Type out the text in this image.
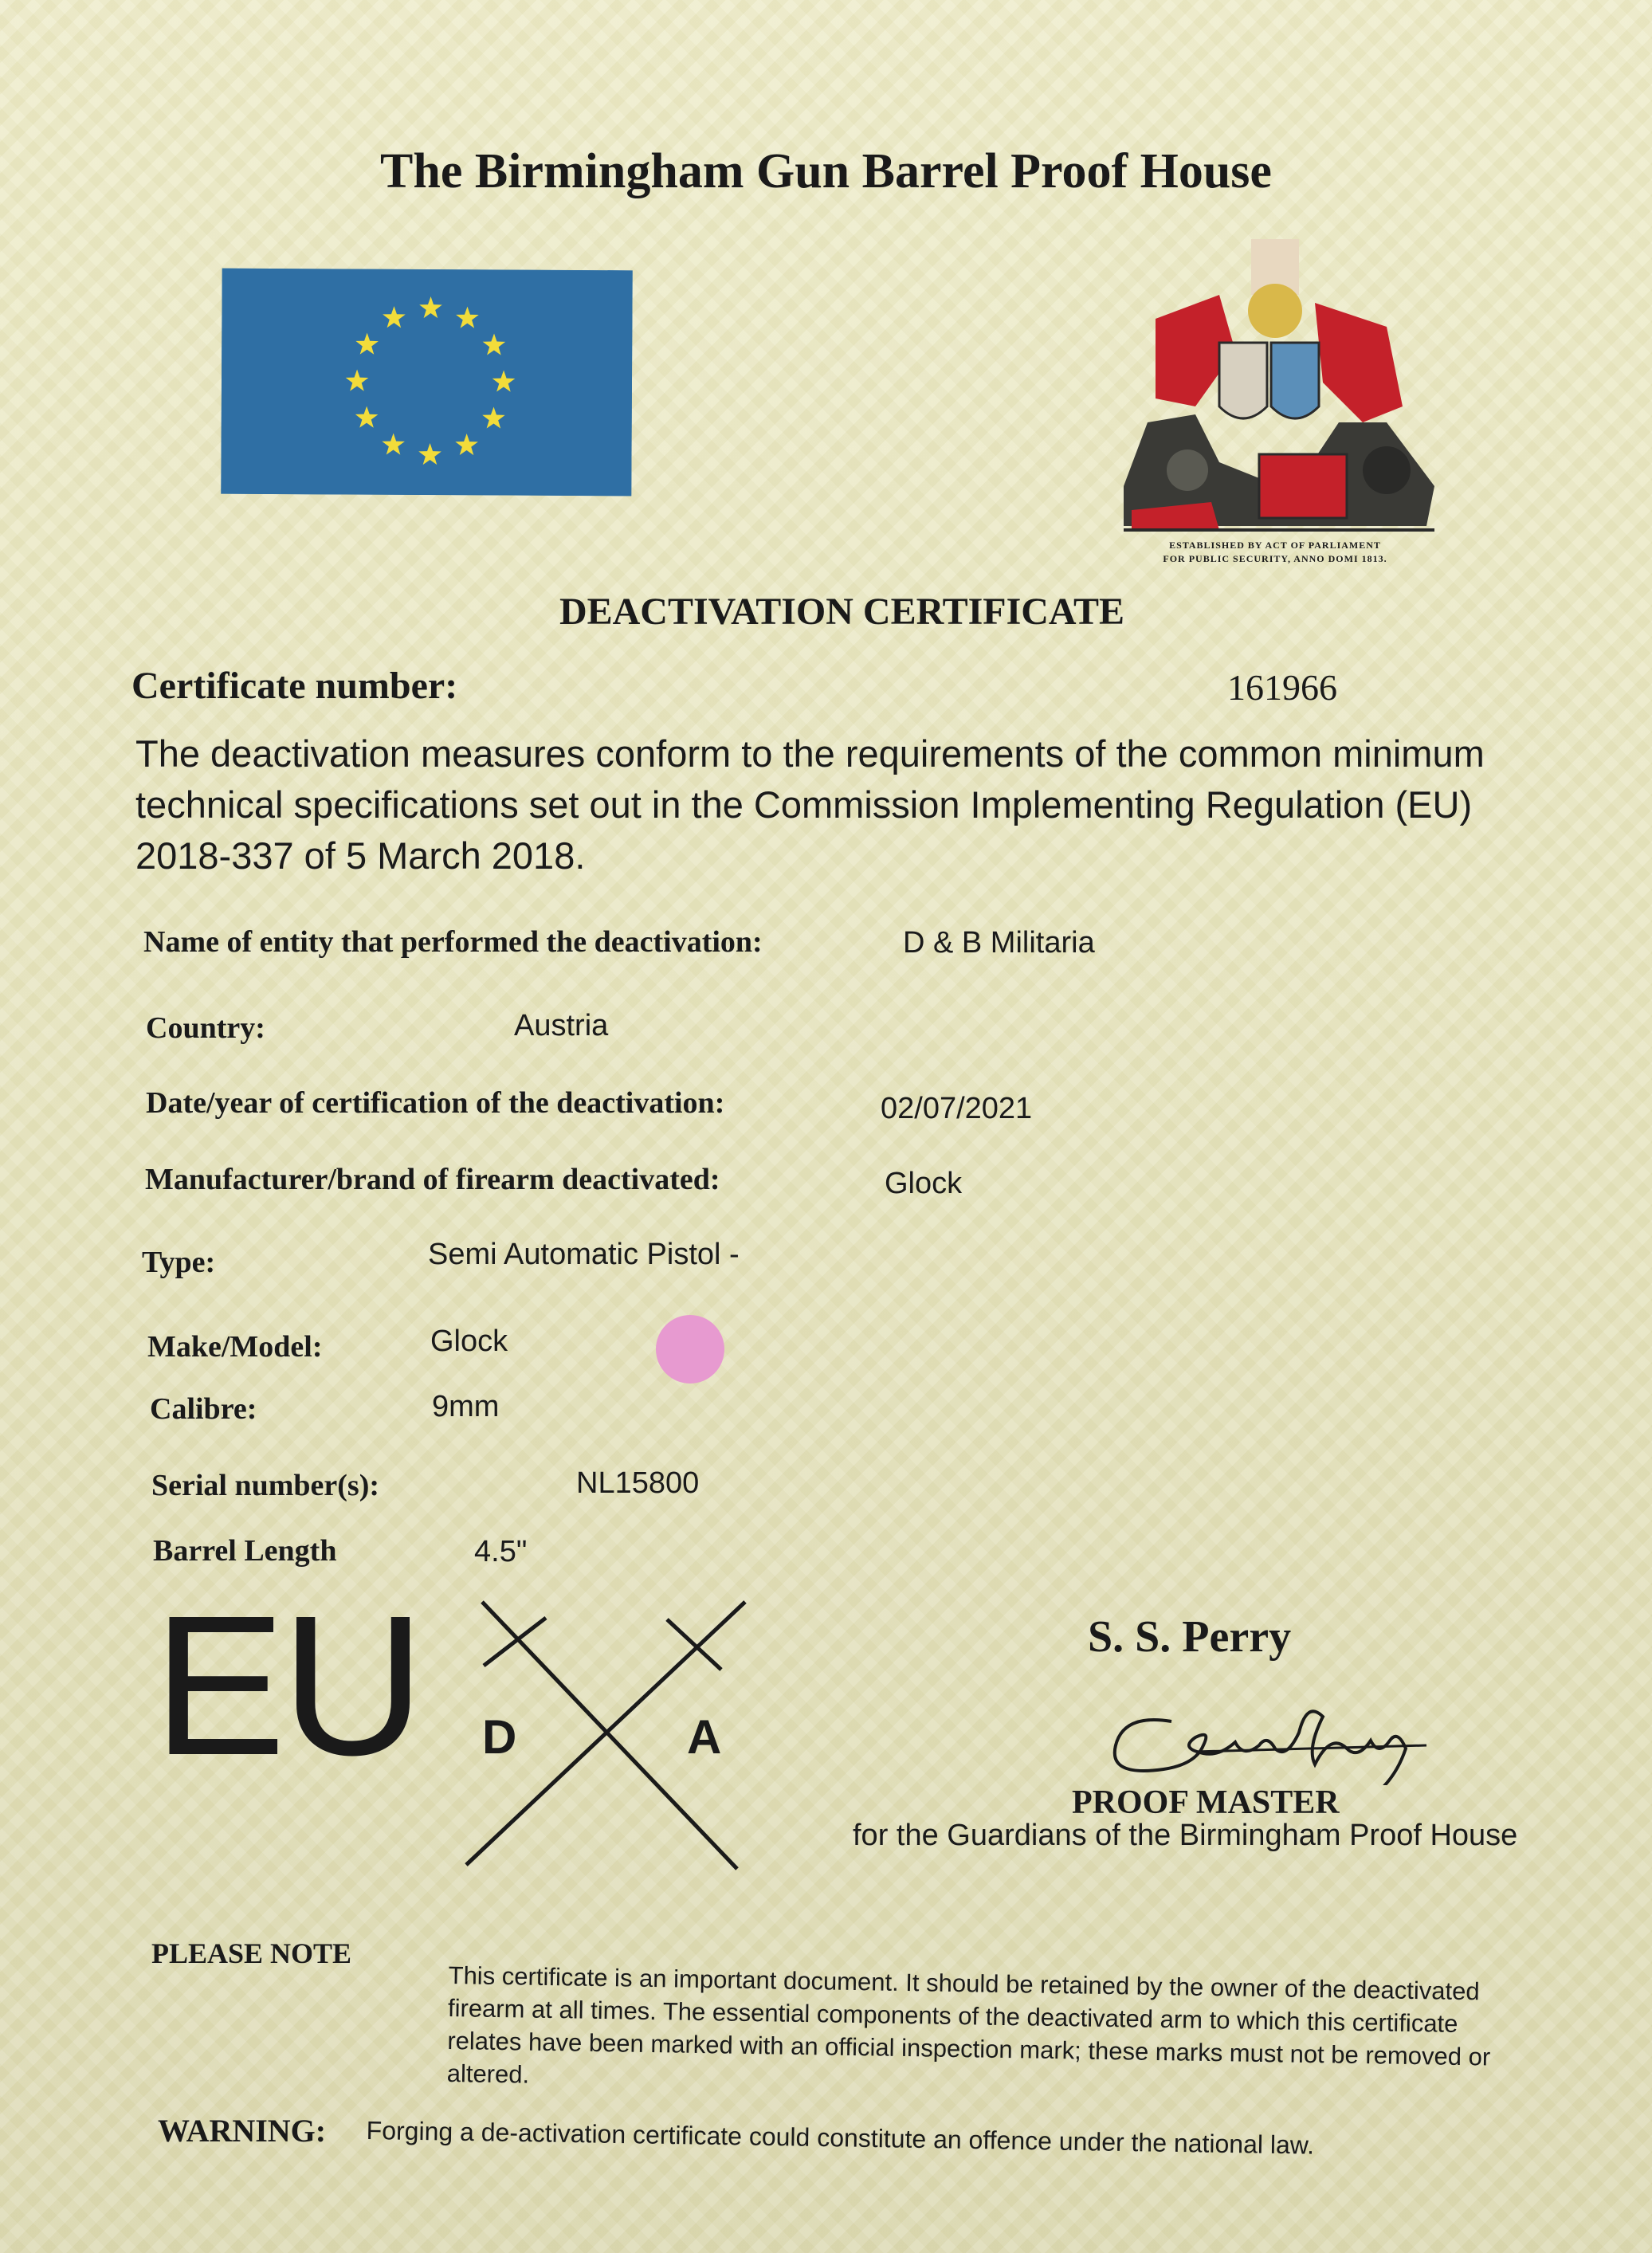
The Birmingham Gun Barrel Proof House
ESTABLISHED BY ACT OF PARLIAMENT
FOR PUBLIC SECURITY, ANNO DOMI 1813.
DEACTIVATION CERTIFICATE
Certificate number:	161966
The deactivation measures conform to the requirements of the common minimum technical specifications set out in the Commission Implementing Regulation (EU) 2018-337 of 5 March 2018.
Name of entity that performed the deactivation:	D & B Militaria
Country:	Austria
Date/year of certification of the deactivation:	02/07/2021
Manufacturer/brand of firearm deactivated:	Glock
Type:	Semi Automatic Pistol -
Make/Model:	Glock
Calibre:	9mm
Serial number(s):	NL15800
Barrel Length	4.5"
EU D	A
S. S. Perry
PROOF MASTER
for the Guardians of the Birmingham Proof House
PLEASE NOTE
This certificate is an important document. It should be retained by the owner of the deactivated firearm at all times. The essential components of the deactivated arm to which this certificate relates have been marked with an official inspection mark; these marks must not be removed or altered.
WARNING: Forging a de-activation certificate could constitute an offence under the national law.
